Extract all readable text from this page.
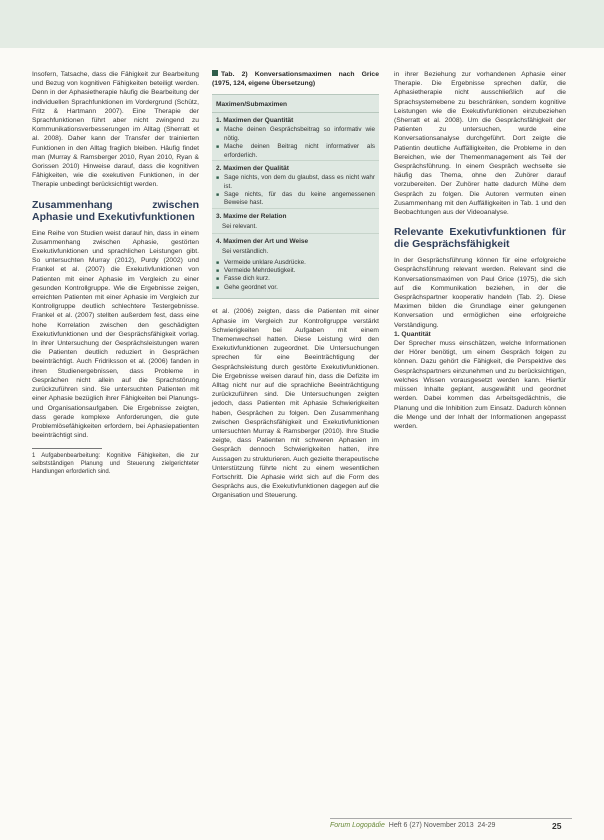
Insofern, Tatsache, dass die Fähigkeit zur Bearbeitung und Bezug von kognitiven Fähigkeiten beteiligt werden. Denn in der Aphasietherapie häufig die Bearbeitung der individuellen Sprachfunktionen im Vordergrund (Schütz, Fritz & Hartmann 2007). Eine Therapie der Sprachfunktionen führt aber nicht zwingend zu Kommunikationsverbesserungen im Alltag (Sherratt et al. 2008). Daher kann der Transfer der trainierten Funktionen in den Alltag fraglich bleiben. Häufig findet man (Murray & Ramsberger 2010, Ryan 2010, Ryan & Gorissen 2010) Hinweise darauf, dass die kognitiven Fähigkeiten, wie die exekutiven Funktionen, in der Therapie unbedingt berücksichtigt werden.

Zusammenhang zwischen Aphasie und Exekutivfunktionen

Eine Reihe von Studien weist darauf hin, dass in einem Zusammenhang zwischen Aphasie, gestörten Exekutivfunktionen und sprachlichen Leistungen gibt. So untersuchten Murray (2012), Purdy (2002) und Frankel et al. (2007) die Exekutivfunktionen von Patienten mit einer Aphasie im Vergleich zu einer gesunden Kontrollgruppe. Wie die Ergebnisse zeigen, erreichten Patienten mit einer Aphasie im Vergleich zur Kontrollgruppe deutlich schlechtere Testergebnisse. Frankel et al. (2007) stellten außerdem fest, dass eine hohe Korrelation zwischen den geschädigten Exekutivfunktionen und der Gesprächsfähigkeit vorlag. In ihrer Untersuchung der Gesprächsleistungen waren die Patienten deutlich reduziert in Gesprächen beeinträchtigt. Auch Fridriksson et al. (2006) fanden in ihren Studienergebnissen, dass Probleme in Gesprächen nicht allein auf die Sprachstörung zurückzuführen sind. Sie untersuchten Patienten mit einer Aphasie bezüglich ihrer Fähigkeiten bei Planungs- und Organisationsaufgaben. Die Ergebnisse zeigten, dass gerade komplexe Anforderungen, die gute Problemlösefähigkeiten erfordern, bei Aphasiepatienten beeinträchtigt sind.

1 Aufgabenbearbeitung: Kognitive Fähigkeiten, die zur selbstständigen Planung und Steuerung zielgerichteter Handlungen erforderlich sind.
Tab. 2) Konversationsmaximen nach Grice (1975, 124, eigene Übersetzung)
Maximen/Submaximen
1. Maximen der Quantität
■ Mache deinen Gesprächsbeitrag so informativ wie nötig.
■ Mache deinen Beitrag nicht informativer als erforderlich.
2. Maximen der Qualität
■ Sage nichts, von dem du glaubst, dass es nicht wahr ist.
■ Sage nichts, für das du keine angemessenen Beweise hast.
3. Maxime der Relation
Sei relevant.
4. Maximen der Art und Weise
Sei verständlich.
■ Vermeide unklare Ausdrücke.
■ Vermeide Mehrdeutigkeit.
■ Fasse dich kurz.
■ Gehe geordnet vor.

et al. (2006) zeigten, dass die Patienten mit einer Aphasie im Vergleich zur Kontrollgruppe verstärkt Schwierigkeiten bei Aufgaben mit einem Themenwechsel hatten. Diese Leistung wird den Exekutivfunktionen zugeordnet. Die Untersuchungen sprechen für eine Beeinträchtigung der Gesprächsleistung durch gestörte Exekutivfunktionen. Die Ergebnisse weisen darauf hin, dass die Defizite im Alltag nicht nur auf die sprachliche Beeinträchtigung zurückzuführen sind. Die Untersuchungen zeigten jedoch, dass Patienten mit Aphasie Schwierigkeiten haben, Gesprächen zu folgen. Den Zusammenhang zwischen Gesprächsfähigkeit und Exekutivfunktionen untersuchten Murray & Ramsberger (2010). Ihre Studie zeigte, dass Patienten mit schweren Aphasien im Gespräch dennoch Schwierigkeiten hatten, ihre Aussagen zu strukturieren. Auch gezielte therapeutische Unterstützung führte nicht zu einem wesentlichen Fortschritt. Die Aphasie wirkt sich auf die Form des Gesprächs aus, die Exekutivfunktionen dagegen auf die Organisation und Steuerung.

in ihrer Beziehung zur vorhandenen Aphasie einer Therapie. Die Ergebnisse sprechen dafür, die Aphasietherapie nicht ausschließlich auf die Sprachsystemebene zu beschränken, sondern kognitive Leistungen wie die Exekutivfunktionen einzubeziehen (Sherratt et al. 2008). Um die Gesprächsfähigkeit der Patienten zu untersuchen, wurde eine Konversationsanalyse durchgeführt. Dort zeigte die Patientin deutliche Auffälligkeiten, die Probleme in den Bereichen, wie der Themenmanagement als Teil der Gesprächsführung. In einem Gespräch wechselte sie häufig das Thema, ohne den Zuhörer darauf vorzubereiten. Der Zuhörer hatte dadurch Mühe dem Gespräch zu folgen. Die Autoren vermuten einen Zusammenhang mit den Auffälligkeiten in Tab. 1 und den Beobachtungen aus der Videoanalyse.

Relevante Exekutivfunktionen für die Gesprächsfähigkeit

In der Gesprächsführung können für eine erfolgreiche Gesprächsführung relevant werden. Relevant sind die Konversationsmaximen von Paul Grice (1975), die sich auf die Kommunikation beziehen, in der die Gesprächspartner kooperativ handeln (Tab. 2). Diese Maximen bilden die Grundlage einer gelungenen Konversation und ermöglichen eine erfolgreiche Verständigung.

1. Quantität

Der Sprecher muss einschätzen, welche Informationen der Hörer benötigt, um einem Gespräch folgen zu können. Dazu gehört die Fähigkeit, die Perspektive des Gesprächspartners einzunehmen und zu berücksichtigen, welches Wissen vorausgesetzt werden kann. Hierfür müssen Inhalte geplant, ausgewählt und geordnet werden. Dabei kommen das Arbeitsgedächtnis, die Planung und die Inhibition zum Einsatz. Dadurch können die Menge und der Inhalt der Informationen angepasst werden.

Forum Logopädie Heft 6 (27) November 2013 24-29	25
